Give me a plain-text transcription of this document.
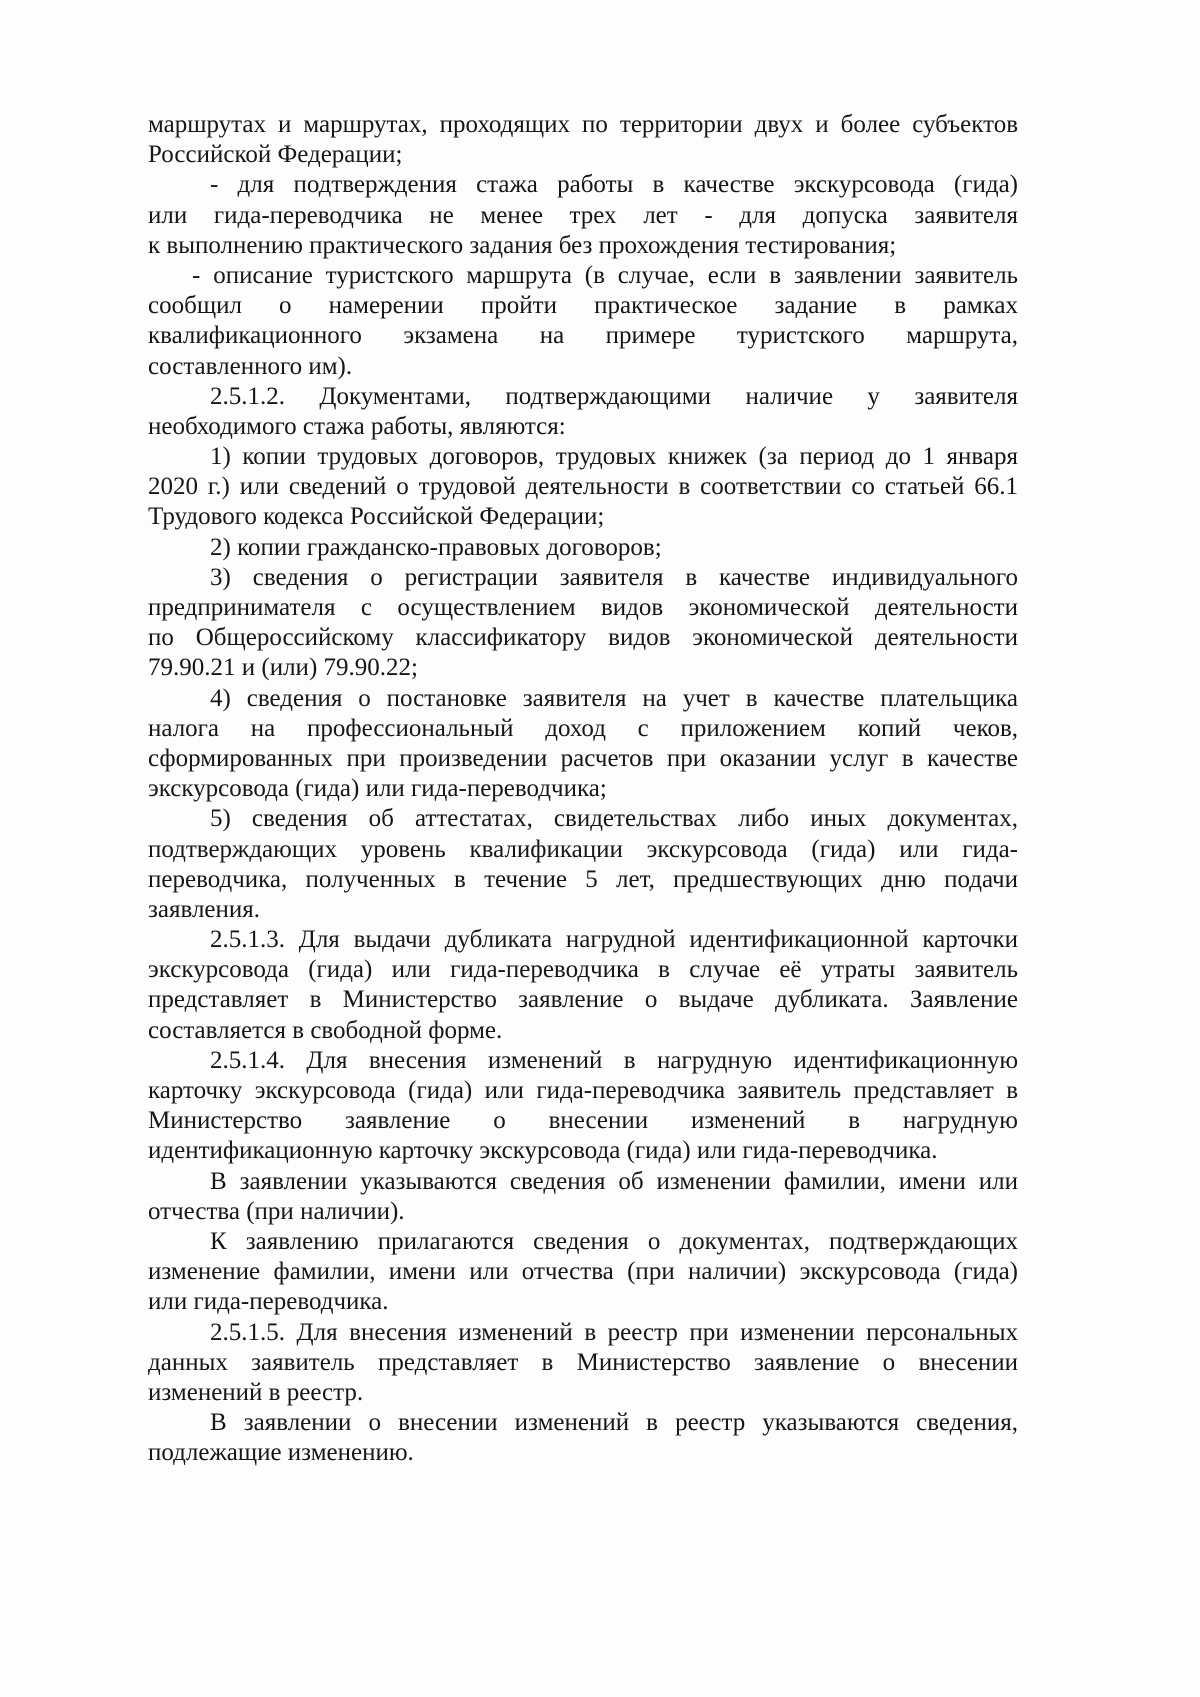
маршрутах и маршрутах, проходящих по территории двух и более субъектов
Российской Федерации;
- для подтверждения стажа работы в качестве экскурсовода (гида)
или гида-переводчика не менее трех лет - для допуска заявителя
к выполнению практического задания без прохождения тестирования;
- описание туристского маршрута (в случае, если в заявлении заявитель
сообщил о намерении пройти практическое задание в рамках
квалификационного экзамена на примере туристского маршрута,
составленного им).
2.5.1.2. Документами, подтверждающими наличие у заявителя
необходимого стажа работы, являются:
1) копии трудовых договоров, трудовых книжек (за период до 1 января
2020 г.) или сведений о трудовой деятельности в соответствии со статьей 66.1
Трудового кодекса Российской Федерации;
2) копии гражданско-правовых договоров;
3) сведения о регистрации заявителя в качестве индивидуального
предпринимателя с осуществлением видов экономической деятельности
по Общероссийскому классификатору видов экономической деятельности
79.90.21 и (или) 79.90.22;
4) сведения о постановке заявителя на учет в качестве плательщика
налога на профессиональный доход с приложением копий чеков,
сформированных при произведении расчетов при оказании услуг в качестве
экскурсовода (гида) или гида-переводчика;
5) сведения об аттестатах, свидетельствах либо иных документах,
подтверждающих уровень квалификации экскурсовода (гида) или гида-
переводчика, полученных в течение 5 лет, предшествующих дню подачи
заявления.
2.5.1.3. Для выдачи дубликата нагрудной идентификационной карточки
экскурсовода (гида) или гида-переводчика в случае её утраты заявитель
представляет в Министерство заявление о выдаче дубликата. Заявление
составляется в свободной форме.
2.5.1.4. Для внесения изменений в нагрудную идентификационную
карточку экскурсовода (гида) или гида-переводчика заявитель представляет в
Министерство заявление о внесении изменений в нагрудную
идентификационную карточку экскурсовода (гида) или гида-переводчика.
В заявлении указываются сведения об изменении фамилии, имени или
отчества (при наличии).
К заявлению прилагаются сведения о документах, подтверждающих
изменение фамилии, имени или отчества (при наличии) экскурсовода (гида)
или гида-переводчика.
2.5.1.5. Для внесения изменений в реестр при изменении персональных
данных заявитель представляет в Министерство заявление о внесении
изменений в реестр.
В заявлении о внесении изменений в реестр указываются сведения,
подлежащие изменению.
